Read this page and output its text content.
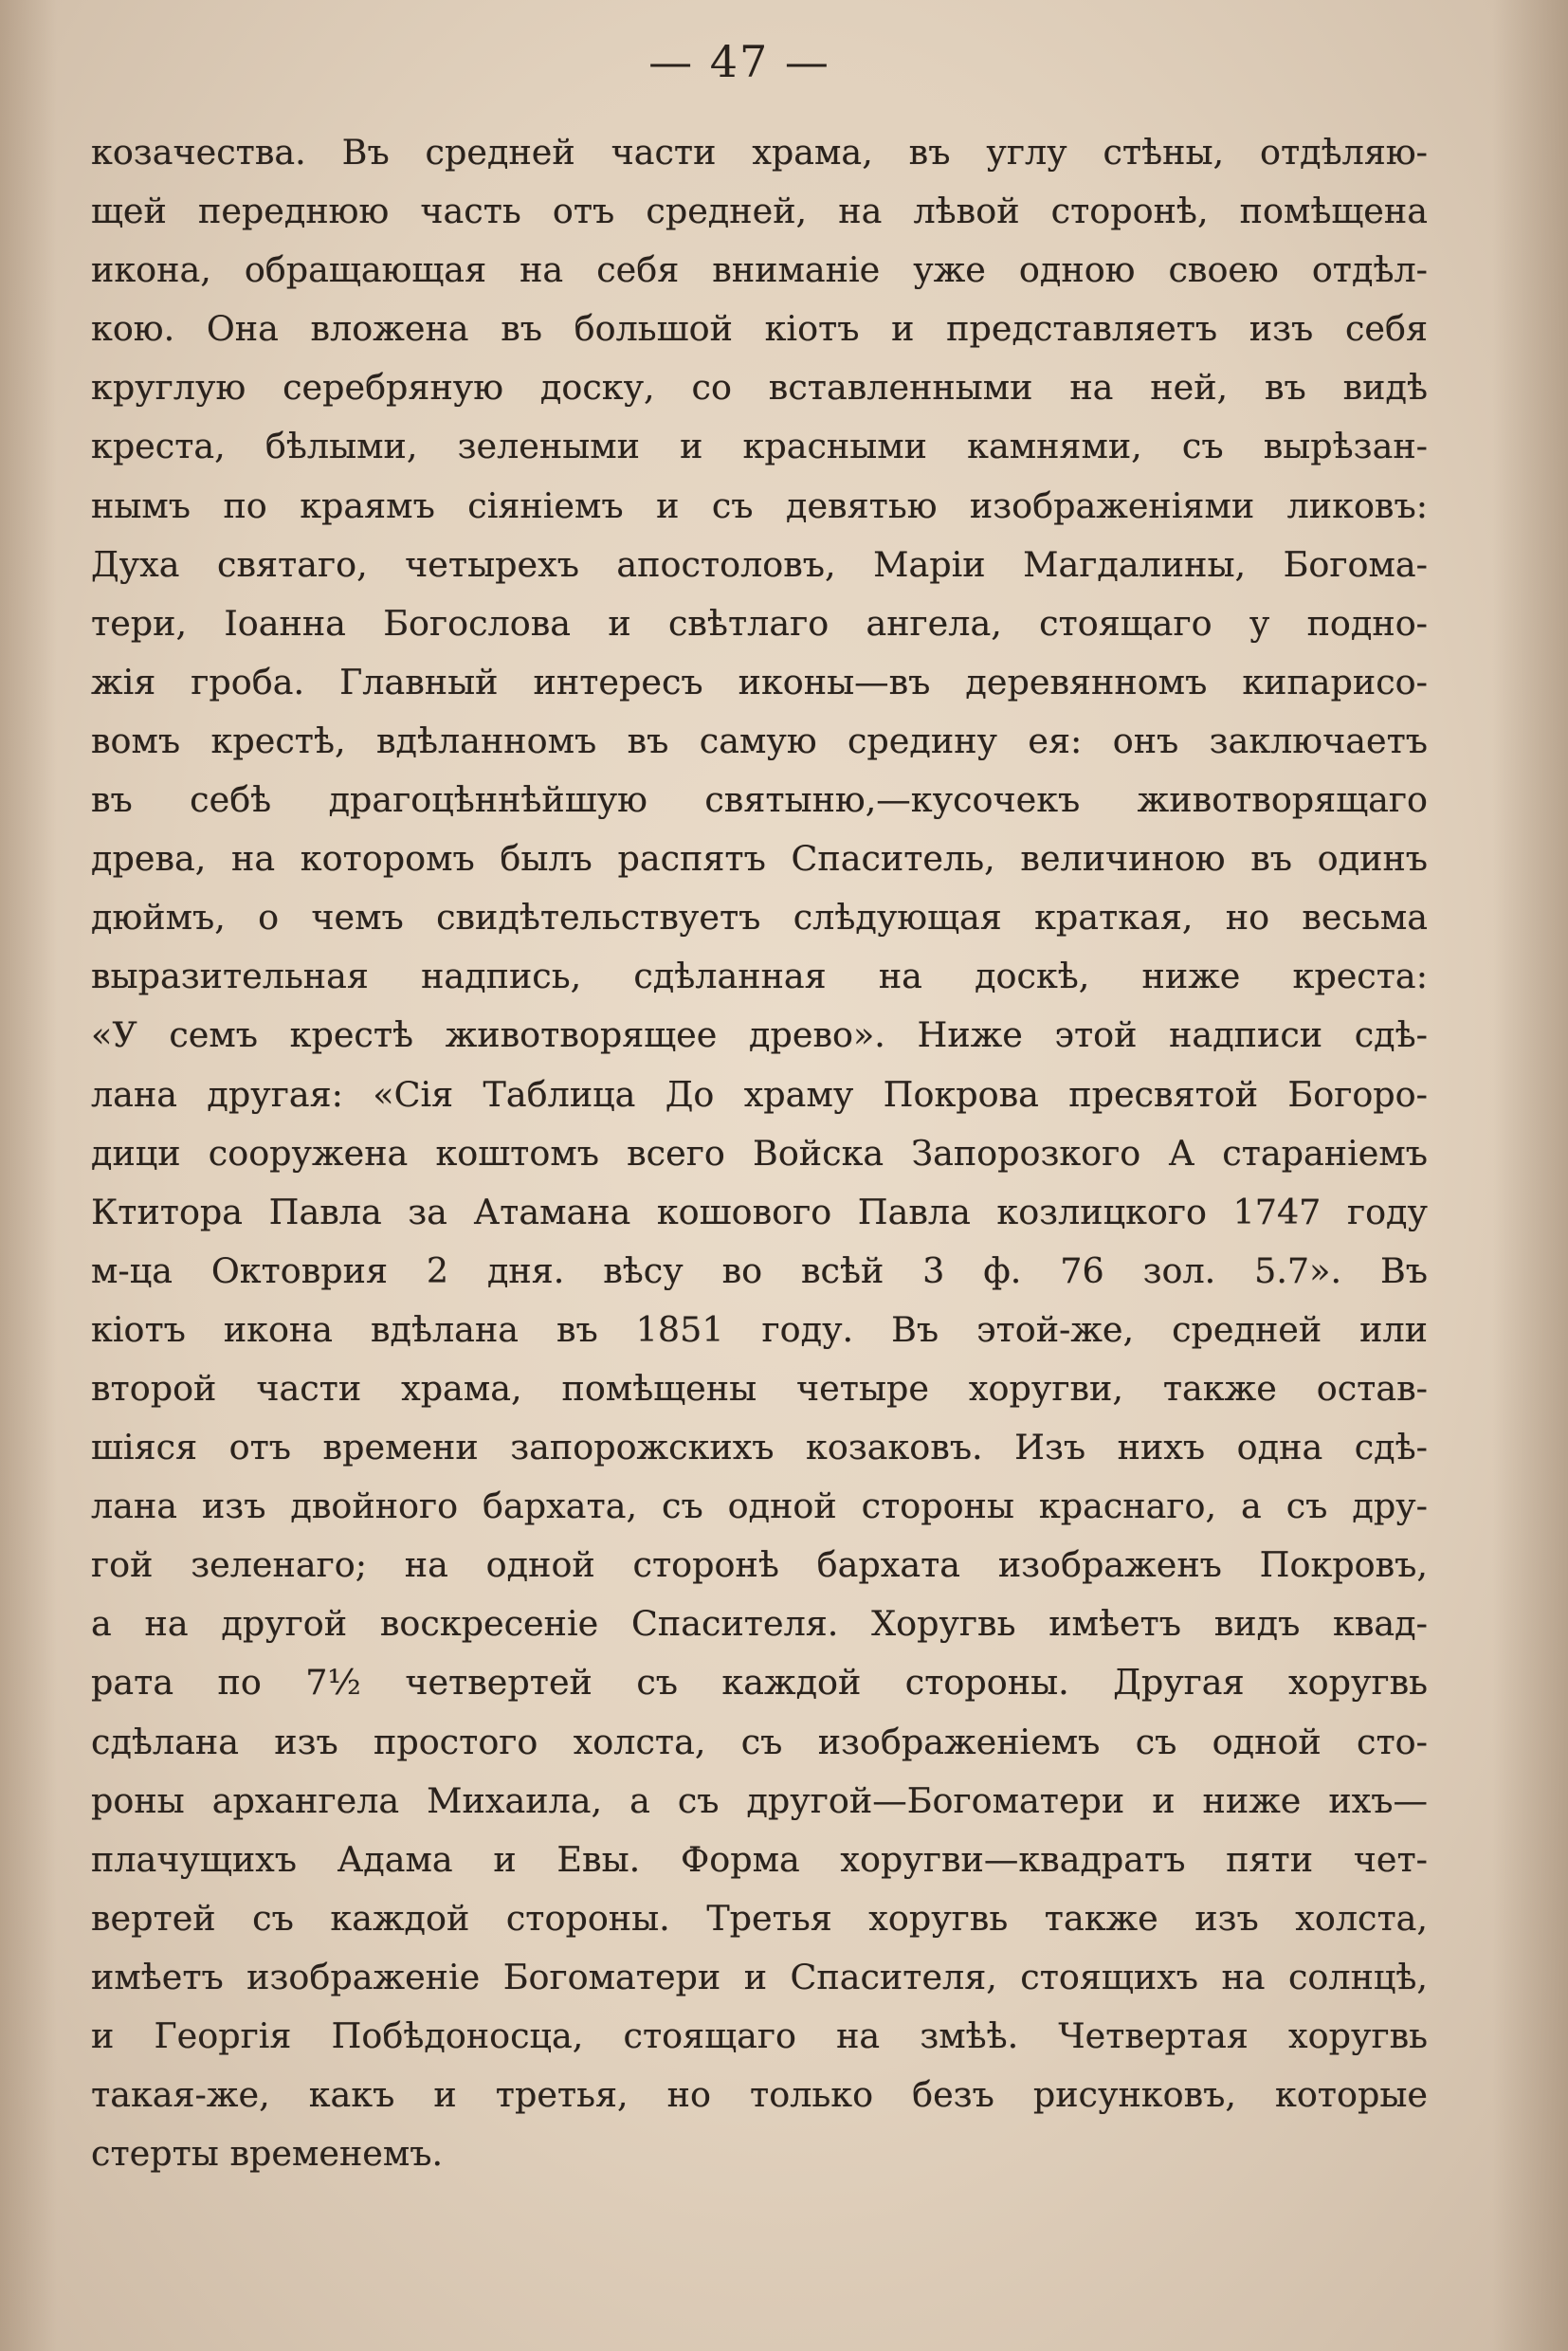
— 47 —
козачества. Въ средней части храма, въ углу стѣны, отдѣляю-
щей переднюю часть отъ средней, на лѣвой сторонѣ, помѣщена
икона, обращающая на себя вниманіе уже одною своею отдѣл-
кою. Она вложена въ большой кіотъ и представляетъ изъ себя
круглую серебряную доску, со вставленными на ней, въ видѣ
креста, бѣлыми, зелеными и красными камнями, съ вырѣзан-
нымъ по краямъ сіяніемъ и съ девятью изображеніями ликовъ:
Духа святаго, четырехъ апостоловъ, Маріи Магдалины, Богома-
тери, Іоанна Богослова и свѣтлаго ангела, стоящаго у подно-
жія гроба. Главный интересъ иконы—въ деревянномъ кипарисо-
вомъ крестѣ, вдѣланномъ въ самую средину ея: онъ заключаетъ
въ себѣ драгоцѣннѣйшую святыню,—кусочекъ животворящаго
древа, на которомъ былъ распятъ Спаситель, величиною въ одинъ
дюймъ, о чемъ свидѣтельствуетъ слѣдующая краткая, но весьма
выразительная надпись, сдѣланная на доскѣ, ниже креста:
«У семъ крестѣ животворящее древо». Ниже этой надписи сдѣ-
лана другая: «Сія Таблица До храму Покрова пресвятой Богоро-
дици сооружена коштомъ всего Войска Запорозкого А стараніемъ
Ктитора Павла за Атамана кошового Павла козлицкого 1747 году
м-ца Октоврия 2 дня. вѣсу во всѣй 3 ф. 76 зол. 5.7». Въ
кіотъ икона вдѣлана въ 1851 году. Въ этой-же, средней или
второй части храма, помѣщены четыре хоругви, также остав-
шіяся отъ времени запорожскихъ козаковъ. Изъ нихъ одна сдѣ-
лана изъ двойного бархата, съ одной стороны краснаго, а съ дру-
гой зеленаго; на одной сторонѣ бархата изображенъ Покровъ,
а на другой воскресеніе Спасителя. Хоругвь имѣетъ видъ квад-
рата по 7½ четвертей съ каждой стороны. Другая хоругвь
сдѣлана изъ простого холста, съ изображеніемъ съ одной сто-
роны архангела Михаила, а съ другой—Богоматери и ниже ихъ—
плачущихъ Адама и Евы. Форма хоругви—квадратъ пяти чет-
вертей съ каждой стороны. Третья хоругвь также изъ холста,
имѣетъ изображеніе Богоматери и Спасителя, стоящихъ на солнцѣ,
и Георгія Побѣдоносца, стоящаго на змѣѣ. Четвертая хоругвь
такая-же, какъ и третья, но только безъ рисунковъ, которые
стерты временемъ.
